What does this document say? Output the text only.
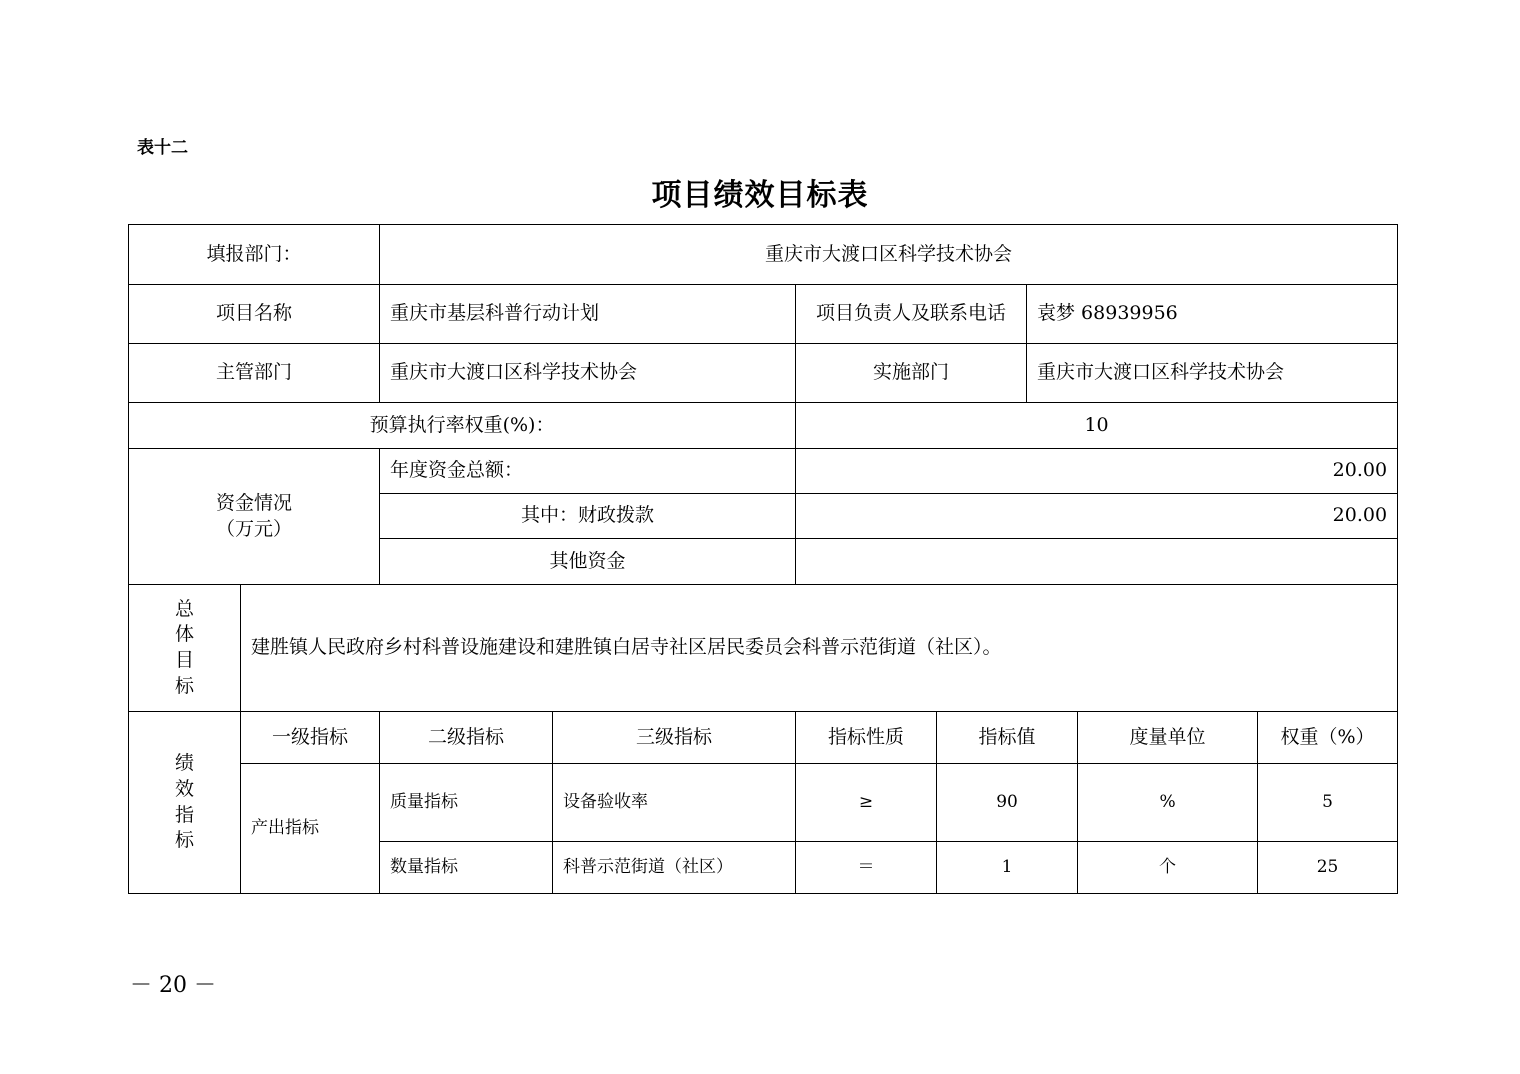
表十二
项目绩效目标表
填报部门：		重庆市大渡口区科学技术协会						
项目名称		重庆市基层科普行动计划		项目负责人及联系电话		袁梦 68939956		
主管部门		重庆市大渡口区科学技术协会		实施部门		重庆市大渡口区科学技术协会		
预算执行率权重(%)：				10				
资金情况
（万元）		年度资金总额：		20.00				
		其中：财政拨款		20.00				
		其他资金						

总
体
目
标	建胜镇人民政府乡村科普设施建设和建胜镇白居寺社区居民委员会科普示范街道（社区）。							

绩
效
指
标	一级指标	二级指标	三级指标	指标性质	指标值		度量单位	权重（%）
	产出指标	质量指标	设备验收率	≥	90		%	5
		数量指标	科普示范街道（社区）	＝	1		个	25
－ 20 －
